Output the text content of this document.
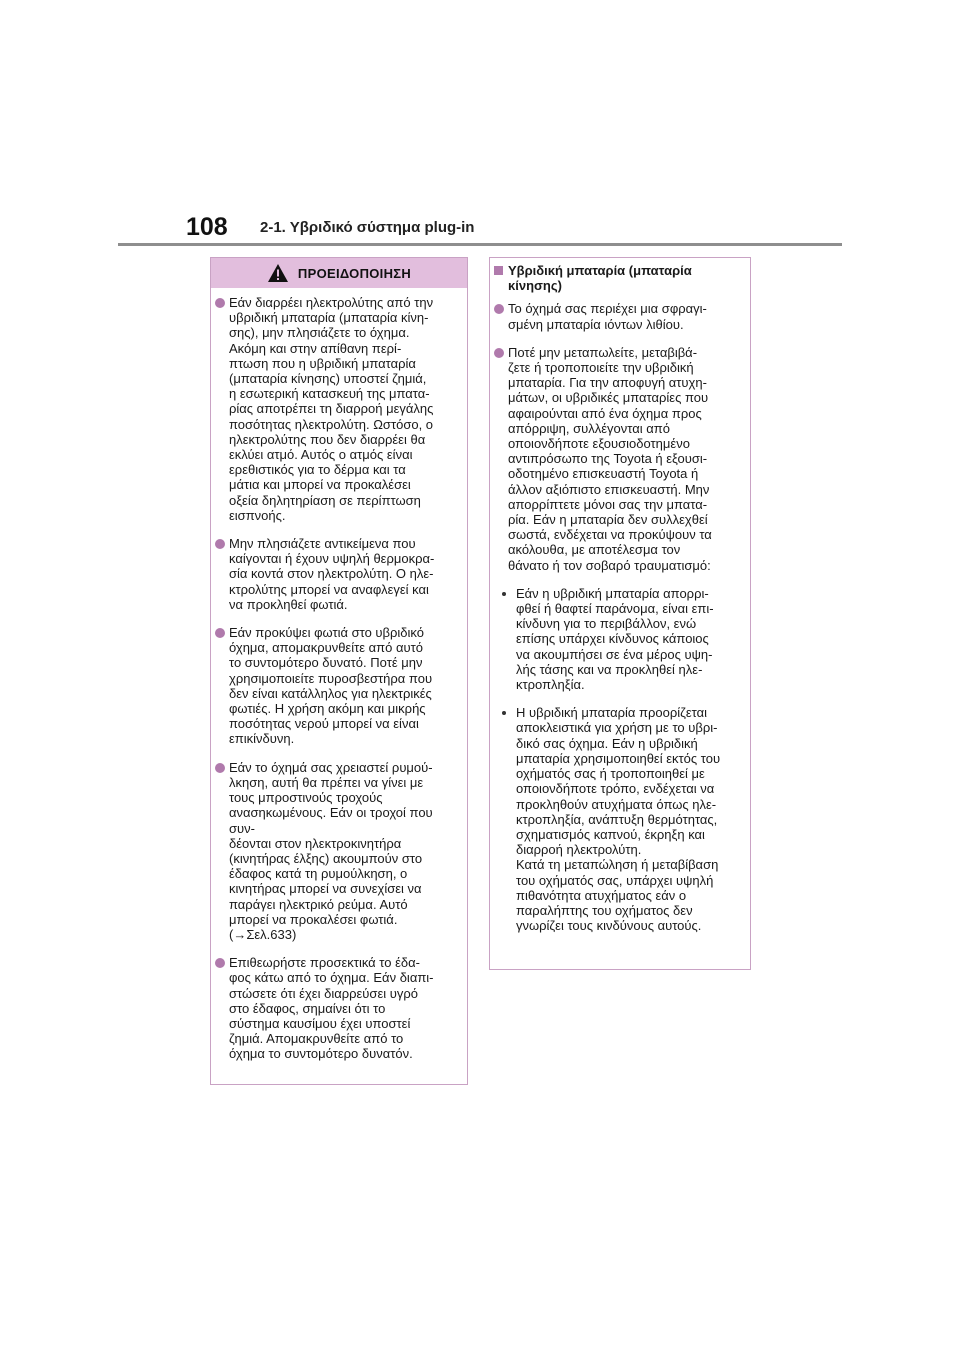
108 2-1. Υβριδικό σύστημα plug-in
ΠΡΟΕΙΔΟΠΟΙΗΣΗ
Εάν διαρρέει ηλεκτρολύτης από την
υβριδική μπαταρία (μπαταρία κίνη-
σης), μην πλησιάζετε το όχημα.
Ακόμη και στην απίθανη περί-
πτωση που η υβριδική μπαταρία
(μπαταρία κίνησης) υποστεί ζημιά,
η εσωτερική κατασκευή της μπατα-
ρίας αποτρέπει τη διαρροή μεγάλης
ποσότητας ηλεκτρολύτη. Ωστόσο, ο
ηλεκτρολύτης που δεν διαρρέει θα
εκλύει ατμό. Αυτός ο ατμός είναι
ερεθιστικός για το δέρμα και τα
μάτια και μπορεί να προκαλέσει
οξεία δηλητηρίαση σε περίπτωση
εισπνοής.
Μην πλησιάζετε αντικείμενα που
καίγονται ή έχουν υψηλή θερμοκρα-
σία κοντά στον ηλεκτρολύτη. Ο ηλε-
κτρολύτης μπορεί να αναφλεγεί και
να προκληθεί φωτιά.
Εάν προκύψει φωτιά στο υβριδικό
όχημα, απομακρυνθείτε από αυτό
το συντομότερο δυνατό. Ποτέ μην
χρησιμοποιείτε πυροσβεστήρα που
δεν είναι κατάλληλος για ηλεκτρικές
φωτιές. Η χρήση ακόμη και μικρής
ποσότητας νερού μπορεί να είναι
επικίνδυνη.
Εάν το όχημά σας χρειαστεί ρυμού-
λκηση, αυτή θα πρέπει να γίνει με
τους μπροστινούς τροχούς ανασηκωμένους. Εάν οι τροχοί που συν-
δέονται στον ηλεκτροκινητήρα
(κινητήρας έλξης) ακουμπούν στο
έδαφος κατά τη ρυμούλκηση, ο
κινητήρας μπορεί να συνεχίσει να
παράγει ηλεκτρικό ρεύμα. Αυτό
μπορεί να προκαλέσει φωτιά.
(→Σελ.633)
Επιθεωρήστε προσεκτικά το έδα-
φος κάτω από το όχημα. Εάν διαπι-
στώσετε ότι έχει διαρρεύσει υγρό
στο έδαφος, σημαίνει ότι το
σύστημα καυσίμου έχει υποστεί
ζημιά. Απομακρυνθείτε από το
όχημα το συντομότερο δυνατόν.
Υβριδική μπαταρία (μπαταρία
κίνησης)
Το όχημά σας περιέχει μια σφραγι-
σμένη μπαταρία ιόντων λιθίου.
Ποτέ μην μεταπωλείτε, μεταβιβά-
ζετε ή τροποποιείτε την υβριδική
μπαταρία. Για την αποφυγή ατυχη-
μάτων, οι υβριδικές μπαταρίες που
αφαιρούνται από ένα όχημα προς
απόρριψη, συλλέγονται από
οποιονδήποτε εξουσιοδοτημένο
αντιπρόσωπο της Toyota ή εξουσι-
οδοτημένο επισκευαστή Toyota ή
άλλον αξιόπιστο επισκευαστή. Μην
απορρίπτετε μόνοι σας την μπατα-
ρία. Εάν η μπαταρία δεν συλλεχθεί
σωστά, ενδέχεται να προκύψουν τα
ακόλουθα, με αποτέλεσμα τον
θάνατο ή τον σοβαρό τραυματισμό:
Εάν η υβριδική μπαταρία απορρι-
φθεί ή θαφτεί παράνομα, είναι επι-
κίνδυνη για το περιβάλλον, ενώ
επίσης υπάρχει κίνδυνος κάποιος
να ακουμπήσει σε ένα μέρος υψη-
λής τάσης και να προκληθεί ηλε-
κτροπληξία.
Η υβριδική μπαταρία προορίζεται
αποκλειστικά για χρήση με το υβρι-
δικό σας όχημα. Εάν η υβριδική
μπαταρία χρησιμοποιηθεί εκτός του
οχήματός σας ή τροποποιηθεί με
οποιονδήποτε τρόπο, ενδέχεται να
προκληθούν ατυχήματα όπως ηλε-
κτροπληξία, ανάπτυξη θερμότητας,
σχηματισμός καπνού, έκρηξη και
διαρροή ηλεκτρολύτη.
Κατά τη μεταπώληση ή μεταβίβαση
του οχήματός σας, υπάρχει υψηλή
πιθανότητα ατυχήματος εάν ο
παραλήπτης του οχήματος δεν
γνωρίζει τους κινδύνους αυτούς.
